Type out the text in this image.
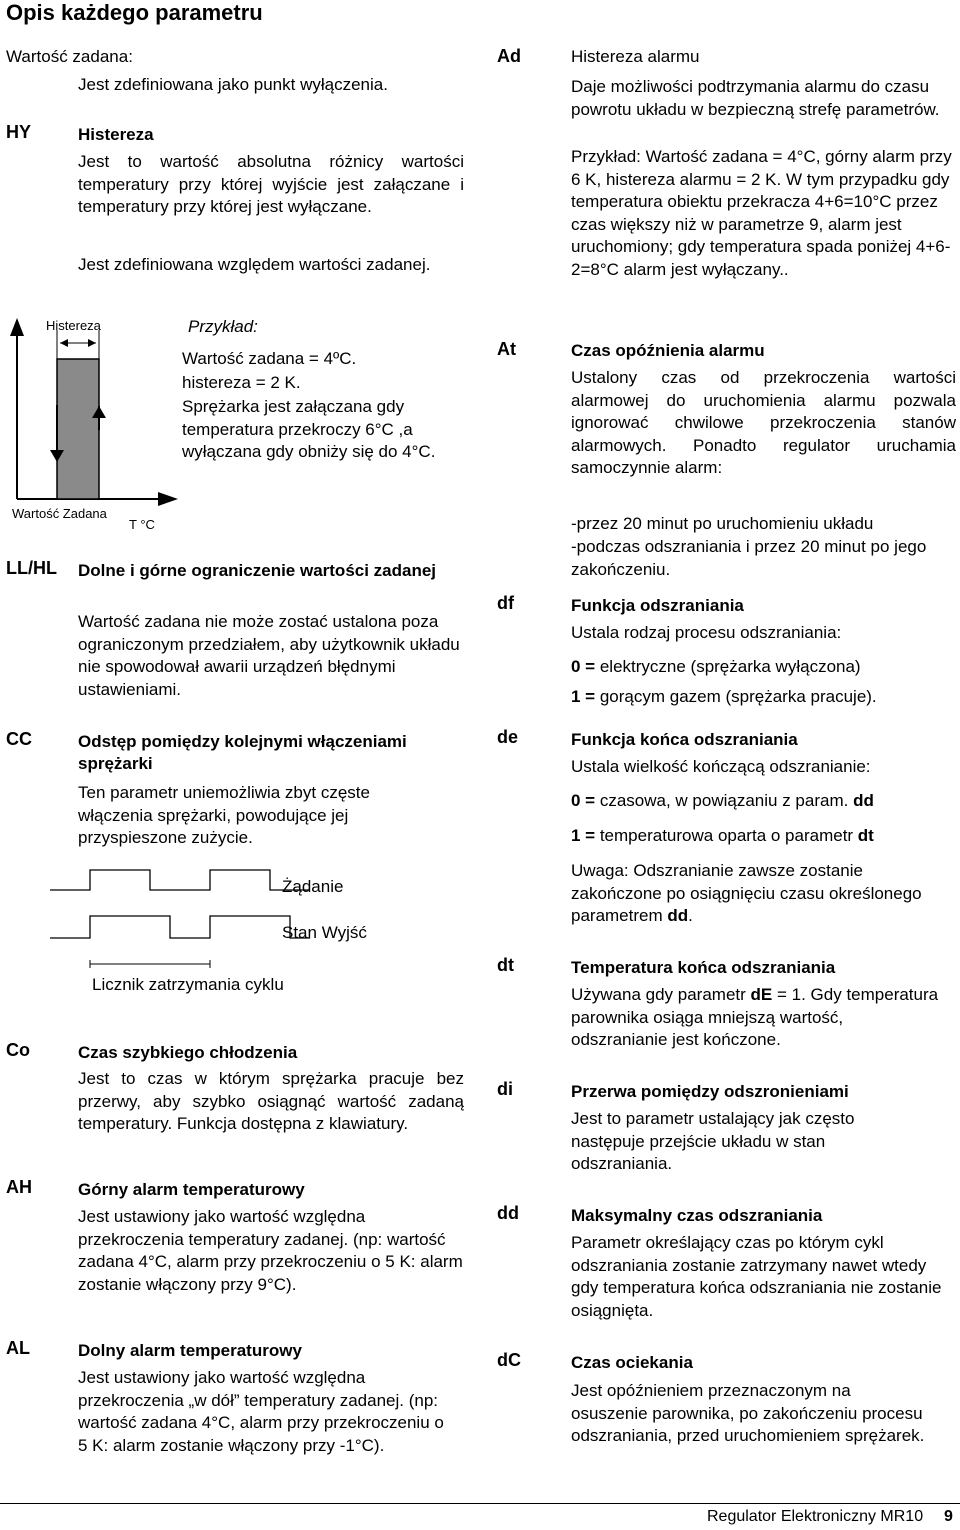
Opis każdego parametru
Wartość zadana:
Jest zdefiniowana jako punkt wyłączenia.
HY	Histereza
Jest to wartość absolutna różnicy wartości temperatury przy której wyjście jest załączane i temperatury przy której jest wyłączane.
Jest zdefiniowana względem wartości zadanej.
Histereza
Wartość Zadana
T °C
Przykład:
Wartość zadana = 4ºC.
histereza = 2 K.
Sprężarka jest załączana gdy temperatura przekroczy 6°C ,a wyłączana gdy obniży się do 4°C.
LL/HL Dolne i górne ograniczenie wartości zadanej
Wartość zadana nie może zostać ustalona poza ograniczonym przedziałem, aby użytkownik układu nie spowodował awarii urządzeń błędnymi ustawieniami.
CC	Odstęp pomiędzy kolejnymi włączeniami sprężarki
Ten parametr uniemożliwia zbyt częste włączenia sprężarki, powodujące jej przyspieszone zużycie.
Żądanie
Stan Wyjść
Licznik zatrzymania cyklu
Co	Czas szybkiego chłodzenia
Jest to czas w którym sprężarka pracuje bez przerwy, aby szybko osiągnąć wartość zadaną temperatury. Funkcja dostępna z klawiatury.
AH	Górny alarm temperaturowy
Jest ustawiony jako wartość względna przekroczenia temperatury zadanej. (np: wartość zadana 4°C, alarm przy przekroczeniu o 5 K: alarm zostanie włączony przy 9°C).
AL	Dolny alarm temperaturowy
Jest ustawiony jako wartość względna przekroczenia „w dół” temperatury zadanej. (np: wartość zadana 4°C, alarm przy przekroczeniu o 5 K: alarm zostanie włączony przy -1°C).
Ad	Histereza alarmu
Daje możliwości podtrzymania alarmu do czasu powrotu układu w bezpieczną strefę parametrów.
Przykład: Wartość zadana = 4°C, górny alarm przy 6 K, histereza alarmu = 2 K. W tym przypadku gdy temperatura obiektu przekracza 4+6=10°C przez czas większy niż w parametrze 9, alarm jest uruchomiony; gdy temperatura spada poniżej 4+6-2=8°C alarm jest wyłączany..
At	Czas opóźnienia alarmu
Ustalony czas od przekroczenia wartości alarmowej do uruchomienia alarmu pozwala ignorować chwilowe przekroczenia stanów alarmowych. Ponadto regulator uruchamia samoczynnie alarm:
-przez 20 minut po uruchomieniu układu
-podczas odszraniania i przez 20 minut po jego zakończeniu.
df	Funkcja odszraniania
Ustala rodzaj procesu odszraniania:
0 = elektryczne (sprężarka wyłączona)
1 = gorącym gazem (sprężarka pracuje).
de	Funkcja końca odszraniania
Ustala wielkość kończącą odszranianie:
0 = czasowa, w powiązaniu z param. dd
1 = temperaturowa oparta o parametr dt
Uwaga: Odszranianie zawsze zostanie zakończone po osiągnięciu czasu określonego parametrem dd.
dt	Temperatura końca odszraniania
Używana gdy parametr dE = 1. Gdy temperatura parownika osiąga mniejszą wartość, odszranianie jest kończone.
di	Przerwa pomiędzy odszronieniami
Jest to parametr ustalający jak często następuje przejście układu w stan odszraniania.
dd	Maksymalny czas odszraniania
Parametr określający czas po którym cykl odszraniania zostanie zatrzymany nawet wtedy gdy temperatura końca odszraniania nie zostanie osiągnięta.
dC	Czas ociekania
Jest opóźnieniem przeznaczonym na osuszenie parownika, po zakończeniu procesu odszraniania, przed uruchomieniem sprężarek.
Regulator Elektroniczny MR10 9
